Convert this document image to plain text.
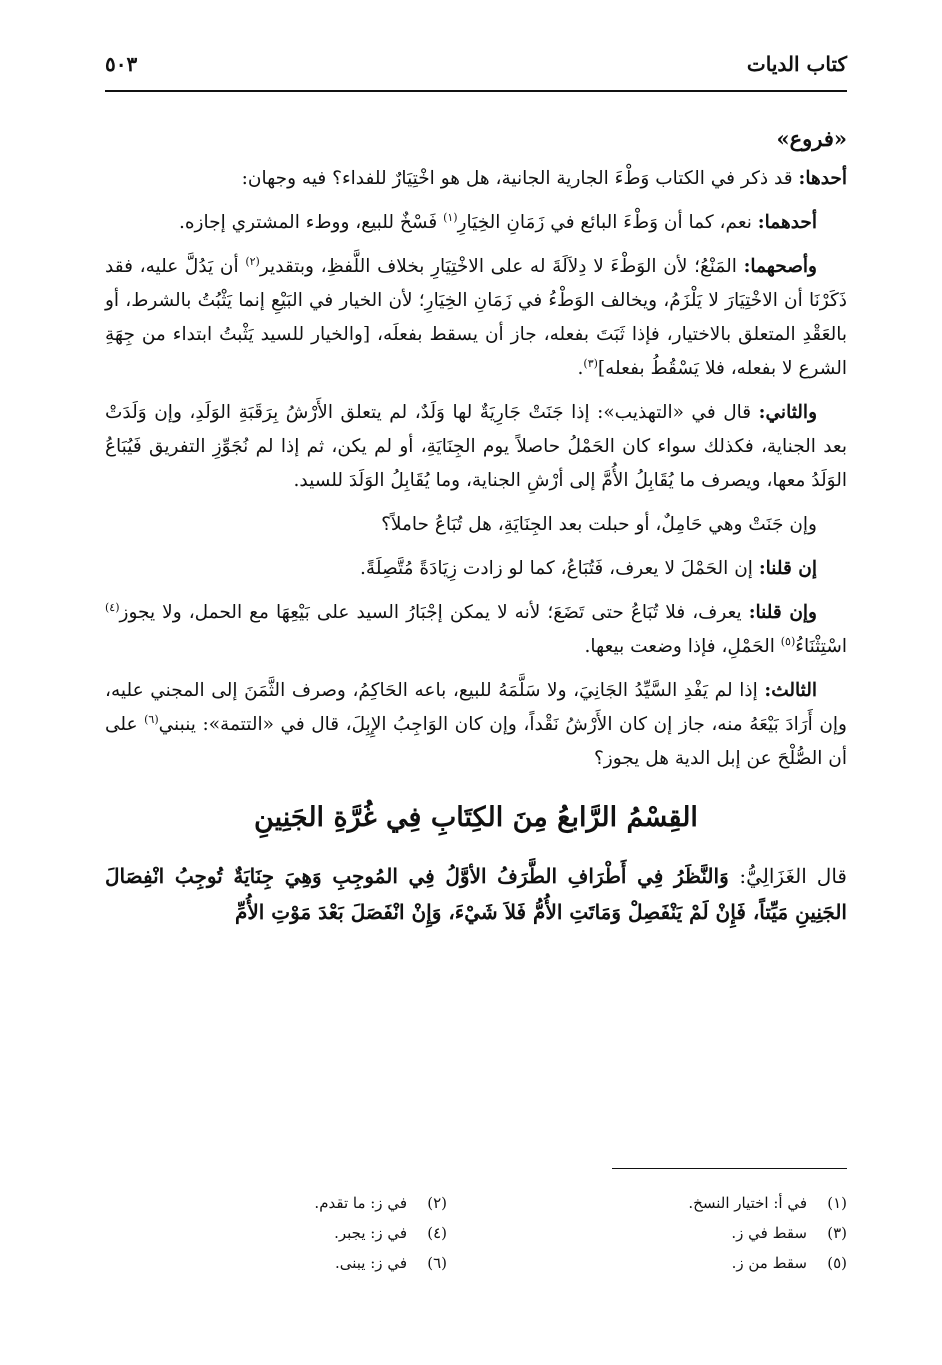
كتاب الديات
٥٠٣
«فروع»

أحدها: قد ذكر في الكتاب وَطْءَ الجارية الجانية، هل هو اخْتِيَارٌ للفداء؟ فيه وجهان:

أحدهما: نعم، كما أن وَطْءَ البائع في زَمَانِ الخِيَارِ$^{(١)}$ فَسْخٌ للبيع، ووطء المشتري إجازه.

وأصحهما: المَنْعُ؛ لأن الوَطْءَ لا دِلاَلَةَ له على الاخْتِيَارِ بخلاف اللَّفظِ، وبتقدير$^{(٢)}$ أن يَدُلَّ عليه، فقد ذَكَرْنَا أن الاخْتِيَارَ لا يَلْزَمُ، ويخالف الوَطْءُ في زَمَانِ الخِيَارِ؛ لأن الخيار في البَيْعِ إنما يَثْبُتُ بالشرط، أو بالعَقْدِ المتعلق بالاختيار، فإذا ثَبَتَ بفعله، جاز أن يسقط بفعلَه، [والخيار للسيد يَثْبتُ ابتداء من جِهَةِ الشرع لا بفعله، فلا يَسْقُطُ بفعله]$^{(٣)}$.

والثاني: قال في «التهذيب»: إذا جَنَتْ جَارِيَةٌ لها وَلَدٌ، لم يتعلق الأَرْشُ بِرَقَبَةِ الوَلَدِ، وإن وَلَدَتْ بعد الجناية، فكذلك سواء كان الحَمْلُ حاصلاً يوم الجِنَايَةِ، أو لم يكن، ثم إذا لم نُجَوِّزِ التفريق فَيُبَاعُ الوَلَدُ معها، ويصرف ما يُقَابِلُ الأُمَّ إلى أرْشِ الجناية، وما يُقَابِلُ الوَلَدَ للسيد.

وإن جَنَتْ وهي حَامِلٌ، أو حبلت بعد الجِنَايَةِ، هل تُبَاعُ حاملاً؟

إن قلنا: إن الحَمْلَ لا يعرف، فَتُبَاعُ، كما لو زادت زِيَادَةً مُتَّصِلَةً.

وإن قلنا: يعرف، فلا تُبَاعُ حتى تَضَعَ؛ لأنه لا يمكن إجْبَارُ السيد على بَيْعِهَا مع الحمل، ولا يجوز$^{(٤)}$ اسْتِثْنَاءُ$^{(٥)}$ الحَمْلِ، فإذا وضعت بيعها.

الثالث: إذا لم يَفْدِ السَّيِّدُ الجَانِيَ، ولا سَلَّمَهُ للبيع، باعه الحَاكِمُ، وصرف الثَّمَنَ إلى المجني عليه، وإن أَرَادَ بَيْعَهُ منه، جاز إن كان الأَرْشُ نَقْداً، وإن كان الوَاجِبُ الإِبِلَ، قال في «التتمة»: ينبني$^{(٦)}$ على أن الصُّلْحَ عن إبل الدية هل يجوز؟

القِسْمُ الرَّابعُ مِنَ الكِتَابِ فِي غُرَّةِ الجَنِينِ

قال الغَزَالِيُّ: وَالنَّظَرُ فِي أَطْرَافِ الطَّرَفُ الأوَّلُ فِي المُوجِبِ وَهِيَ جِنَايَةٌ تُوجِبُ انْفِصَالَ الجَنِينِ مَيِّتاً، فَإِنْ لَمْ يَنْفَصِلْ وَمَاتَتِ الأُمُّ فَلاَ شَيْءَ، وَإِنْ انْفَصَلَ بَعْدَ مَوْتِ الأُمِّ

(١)في أ: اختيار النسخ.
(٣)سقط في ز.
(٥)سقط من ز.
(٢)في ز: ما تقدم.
(٤)في ز: يجبر.
(٦)في ز: يبنى.
